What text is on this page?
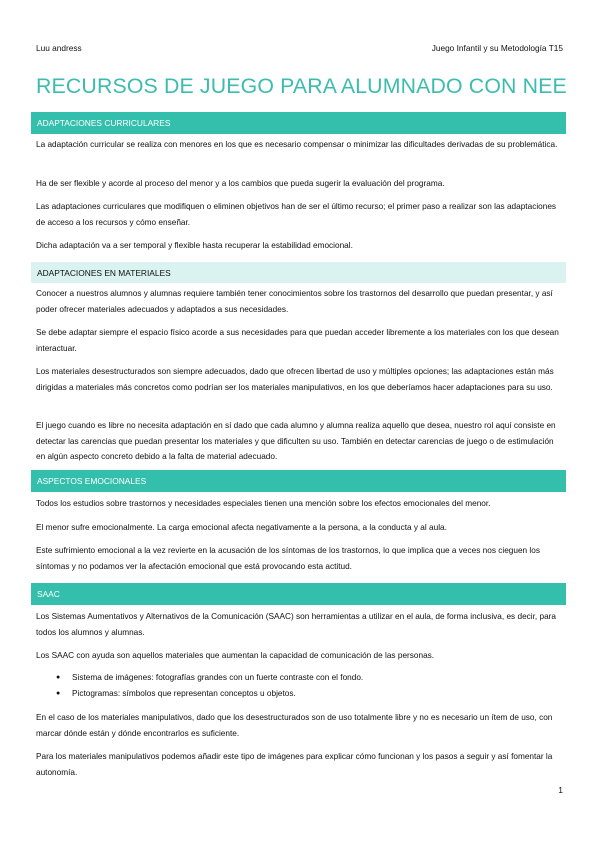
Luu andress	Juego Infantil y su Metodología T15
RECURSOS DE JUEGO PARA ALUMNADO CON NEE
ADAPTACIONES CURRICULARES

La adaptación curricular se realiza con menores en los que es necesario compensar o minimizar las dificultades derivadas de su problemática.

Ha de ser flexible y acorde al proceso del menor y a los cambios que pueda sugerir la evaluación del programa.

Las adaptaciones curriculares que modifiquen o eliminen objetivos han de ser el último recurso; el primer paso a realizar son las adaptaciones de acceso a los recursos y cómo enseñar.

Dicha adaptación va a ser temporal y flexible hasta recuperar la estabilidad emocional.

ADAPTACIONES EN MATERIALES

Conocer a nuestros alumnos y alumnas requiere también tener conocimientos sobre los trastornos del desarrollo que puedan presentar, y así poder ofrecer materiales adecuados y adaptados a sus necesidades.

Se debe adaptar siempre el espacio físico acorde a sus necesidades para que puedan acceder libremente a los materiales con los que desean interactuar.

Los materiales desestructurados son siempre adecuados, dado que ofrecen libertad de uso y múltiples opciones; las adaptaciones están más dirigidas a materiales más concretos como podrían ser los materiales manipulativos, en los que deberíamos hacer adaptaciones para su uso.

El juego cuando es libre no necesita adaptación en sí dado que cada alumno y alumna realiza aquello que desea, nuestro rol aquí consiste en detectar las carencias que puedan presentar los materiales y que dificulten su uso. También en detectar carencias de juego o de estimulación en algún aspecto concreto debido a la falta de material adecuado.

ASPECTOS EMOCIONALES

Todos los estudios sobre trastornos y necesidades especiales tienen una mención sobre los efectos emocionales del menor.

El menor sufre emocionalmente. La carga emocional afecta negativamente a la persona, a la conducta y al aula.

Este sufrimiento emocional a la vez revierte en la acusación de los síntomas de los trastornos, lo que implica que a veces nos cieguen los síntomas y no podamos ver la afectación emocional que está provocando esta actitud.

SAAC

Los Sistemas Aumentativos y Alternativos de la Comunicación (SAAC) son herramientas a utilizar en el aula, de forma inclusiva, es decir, para todos los alumnos y alumnas.

Los SAAC con ayuda son aquellos materiales que aumentan la capacidad de comunicación de las personas.

● Sistema de imágenes: fotografías grandes con un fuerte contraste con el fondo.
● Pictogramas: símbolos que representan conceptos u objetos.

En el caso de los materiales manipulativos, dado que los desestructurados son de uso totalmente libre y no es necesario un ítem de uso, con marcar dónde están y dónde encontrarlos es suficiente.

Para los materiales manipulativos podemos añadir este tipo de imágenes para explicar cómo funcionan y los pasos a seguir y así fomentar la autonomía.

1
